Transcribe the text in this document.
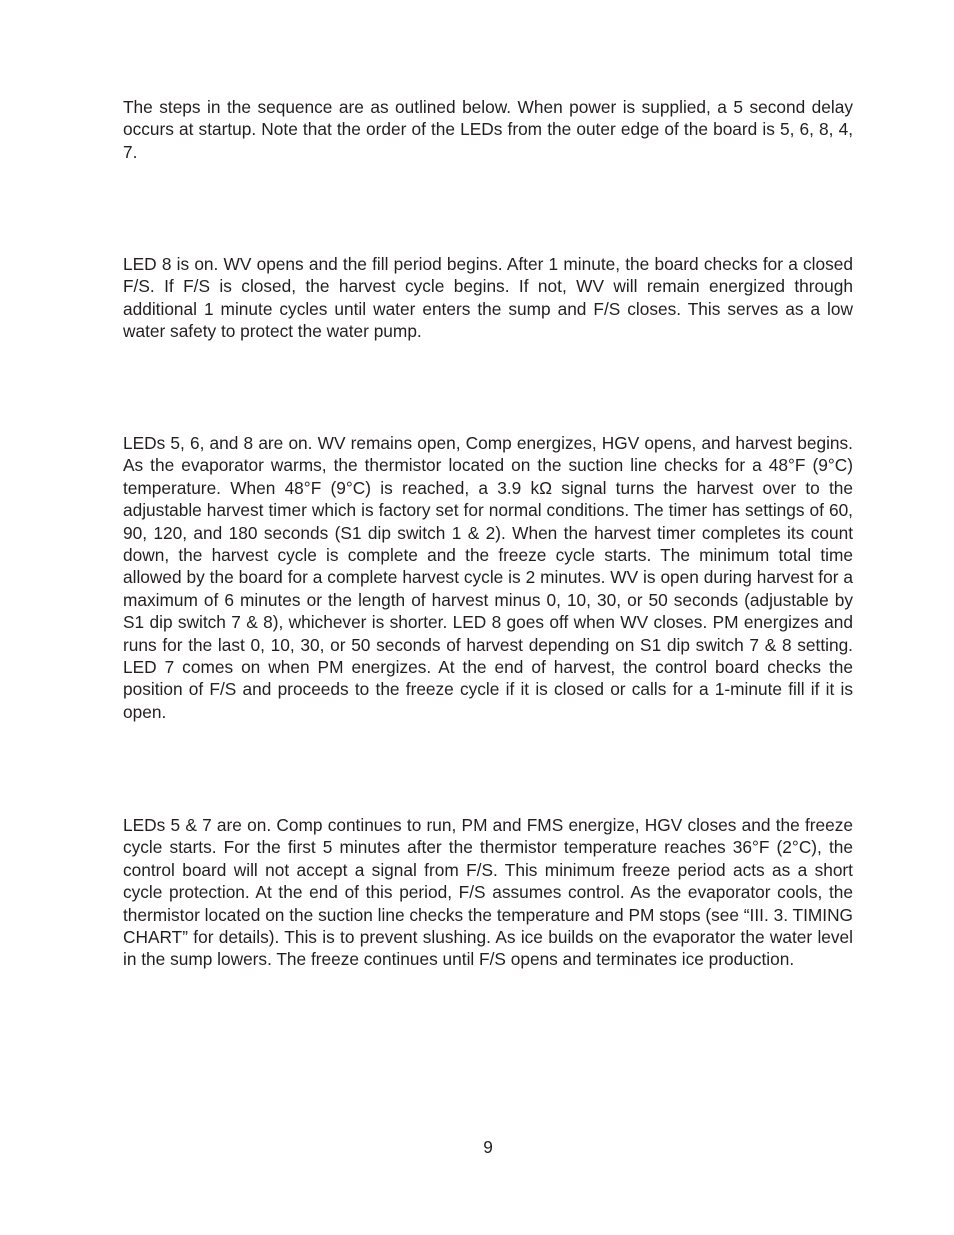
The steps in the sequence are as outlined below. When power is supplied, a 5 second delay occurs at startup. Note that the order of the LEDs from the outer edge of the board is 5, 6, 8, 4, 7.

LED 8 is on. WV opens and the fill period begins. After 1 minute, the board checks for a closed F/S. If F/S is closed, the harvest cycle begins. If not, WV will remain energized through additional 1 minute cycles until water enters the sump and F/S closes. This serves as a low water safety to protect the water pump.

LEDs 5, 6, and 8 are on. WV remains open, Comp energizes, HGV opens, and harvest begins. As the evaporator warms, the thermistor located on the suction line checks for a 48°F (9°C) temperature. When 48°F (9°C) is reached, a 3.9 kΩ signal turns the harvest over to the adjustable harvest timer which is factory set for normal conditions. The timer has settings of 60, 90, 120, and 180 seconds (S1 dip switch 1 & 2). When the harvest timer completes its count down, the harvest cycle is complete and the freeze cycle starts. The minimum total time allowed by the board for a complete harvest cycle is 2 minutes. WV is open during harvest for a maximum of 6 minutes or the length of harvest minus 0, 10, 30, or 50 seconds (adjustable by S1 dip switch 7 & 8), whichever is shorter. LED 8 goes off when WV closes. PM energizes and runs for the last 0, 10, 30, or 50 seconds of harvest depending on S1 dip switch 7 & 8 setting. LED 7 comes on when PM energizes. At the end of harvest, the control board checks the position of F/S and proceeds to the freeze cycle if it is closed or calls for a 1-minute fill if it is open.

LEDs 5 & 7 are on. Comp continues to run, PM and FMS energize, HGV closes and the freeze cycle starts. For the first 5 minutes after the thermistor temperature reaches 36°F (2°C), the control board will not accept a signal from F/S. This minimum freeze period acts as a short cycle protection. At the end of this period, F/S assumes control. As the evaporator cools, the thermistor located on the suction line checks the temperature and PM stops (see “III. 3. TIMING CHART” for details). This is to prevent slushing. As ice builds on the evaporator the water level in the sump lowers. The freeze continues until F/S opens and terminates ice production.

9
